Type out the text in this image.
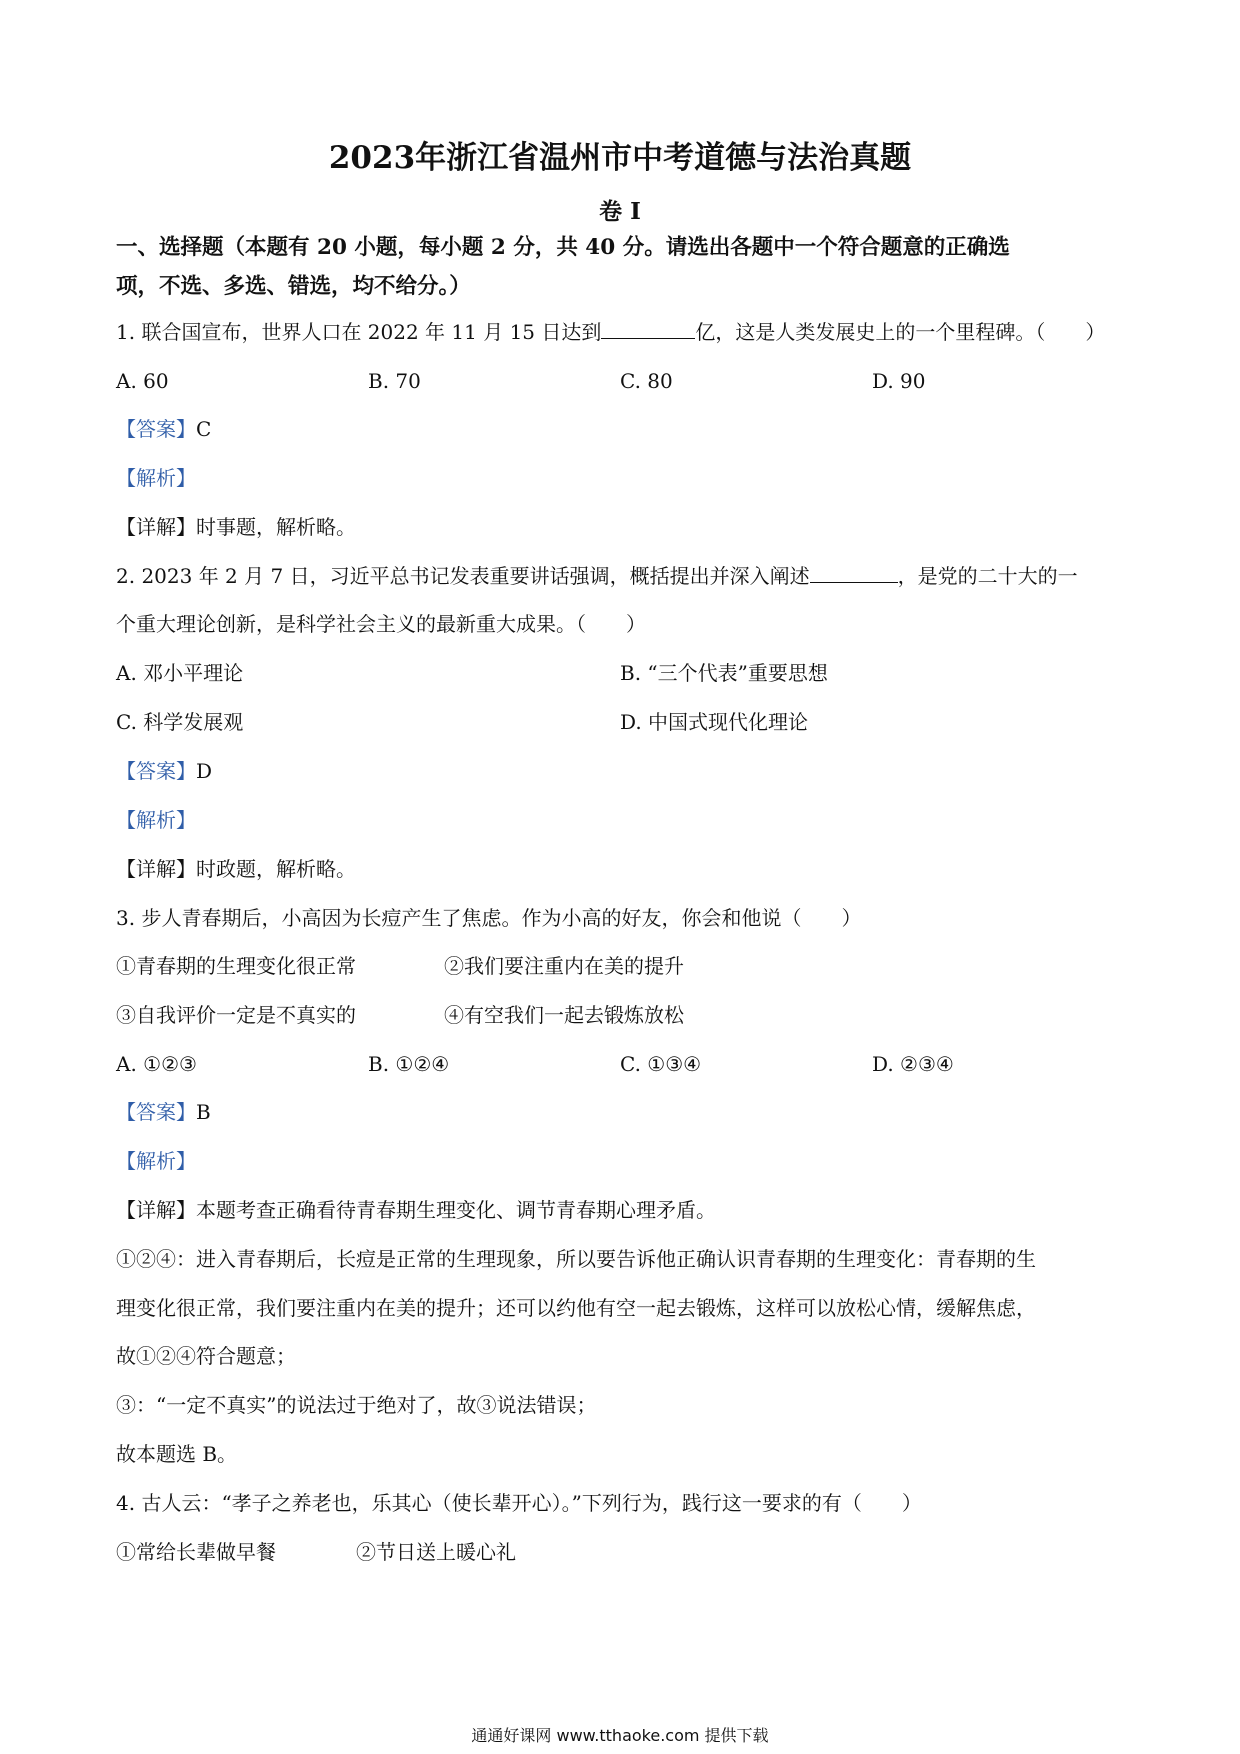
2023年浙江省温州市中考道德与法治真题
卷 I
一、选择题（本题有 20 小题，每小题 2 分，共 40 分。请选出各题中一个符合题意的正确选
项，不选、多选、错选，均不给分。）
1. 联合国宣布，世界人口在 2022 年 11 月 15 日达到	亿，这是人类发展史上的一个里程碑。（　　）
A. 60	B. 70	C. 80	D. 90
【答案】C
【解析】
【详解】时事题，解析略。
2. 2023 年 2 月 7 日，习近平总书记发表重要讲话强调，概括提出并深入阐述	，是党的二十大的一
个重大理论创新，是科学社会主义的最新重大成果。（　　）
A. 邓小平理论	B. “三个代表”重要思想
C. 科学发展观	D. 中国式现代化理论
【答案】D
【解析】
【详解】时政题，解析略。
3. 步人青春期后，小高因为长痘产生了焦虑。作为小高的好友，你会和他说（　　）
①青春期的生理变化很正常	②我们要注重内在美的提升
③自我评价一定是不真实的	④有空我们一起去锻炼放松
A. ①②③	B. ①②④	C. ①③④	D. ②③④
【答案】B
【解析】
【详解】本题考查正确看待青春期生理变化、调节青春期心理矛盾。
①②④：进入青春期后，长痘是正常的生理现象，所以要告诉他正确认识青春期的生理变化：青春期的生
理变化很正常，我们要注重内在美的提升；还可以约他有空一起去锻炼，这样可以放松心情，缓解焦虑，
故①②④符合题意；
③：“一定不真实”的说法过于绝对了，故③说法错误；
故本题选 B。
4. 古人云：“孝子之养老也，乐其心（使长辈开心）。”下列行为，践行这一要求的有（　　）
①常给长辈做早餐	②节日送上暖心礼
通通好课网 www.tthaoke.com 提供下载
